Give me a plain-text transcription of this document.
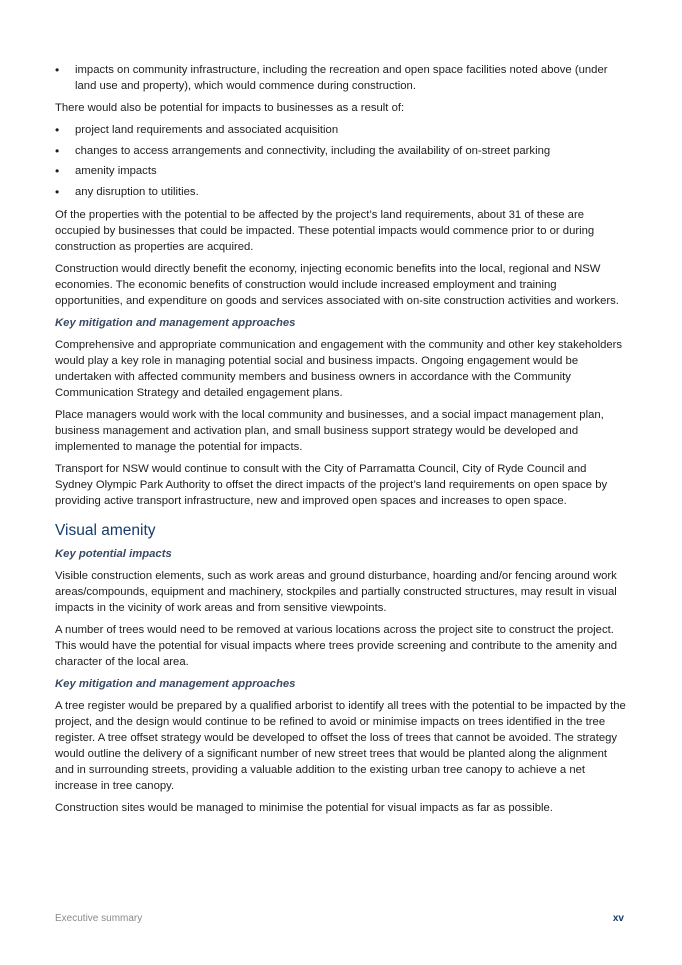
• impacts on community infrastructure, including the recreation and open space facilities noted above (under land use and property), which would commence during construction.

There would also be potential for impacts to businesses as a result of:

• project land requirements and associated acquisition
• changes to access arrangements and connectivity, including the availability of on-street parking
• amenity impacts
• any disruption to utilities.

Of the properties with the potential to be affected by the project’s land requirements, about 31 of these are occupied by businesses that could be impacted. These potential impacts would commence prior to or during construction as properties are acquired.

Construction would directly benefit the economy, injecting economic benefits into the local, regional and NSW economies. The economic benefits of construction would include increased employment and training opportunities, and expenditure on goods and services associated with on-site construction activities and workers.

Key mitigation and management approaches

Comprehensive and appropriate communication and engagement with the community and other key stakeholders would play a key role in managing potential social and business impacts. Ongoing engagement would be undertaken with affected community members and business owners in accordance with the Community Communication Strategy and detailed engagement plans.

Place managers would work with the local community and businesses, and a social impact management plan, business management and activation plan, and small business support strategy would be developed and implemented to manage the potential for impacts.

Transport for NSW would continue to consult with the City of Parramatta Council, City of Ryde Council and Sydney Olympic Park Authority to offset the direct impacts of the project’s land requirements on open space by providing active transport infrastructure, new and improved open spaces and increases to open space.

Visual amenity
Key potential impacts

Visible construction elements, such as work areas and ground disturbance, hoarding and/or fencing around work areas/compounds, equipment and machinery, stockpiles and partially constructed structures, may result in visual impacts in the vicinity of work areas and from sensitive viewpoints.

A number of trees would need to be removed at various locations across the project site to construct the project. This would have the potential for visual impacts where trees provide screening and contribute to the amenity and character of the local area.

Key mitigation and management approaches

A tree register would be prepared by a qualified arborist to identify all trees with the potential to be impacted by the project, and the design would continue to be refined to avoid or minimise impacts on trees identified in the tree register. A tree offset strategy would be developed to offset the loss of trees that cannot be avoided. The strategy would outline the delivery of a significant number of new street trees that would be planted along the alignment and in surrounding streets, providing a valuable addition to the existing urban tree canopy to achieve a net increase in tree canopy.

Construction sites would be managed to minimise the potential for visual impacts as far as possible.

Executive summary	xv
